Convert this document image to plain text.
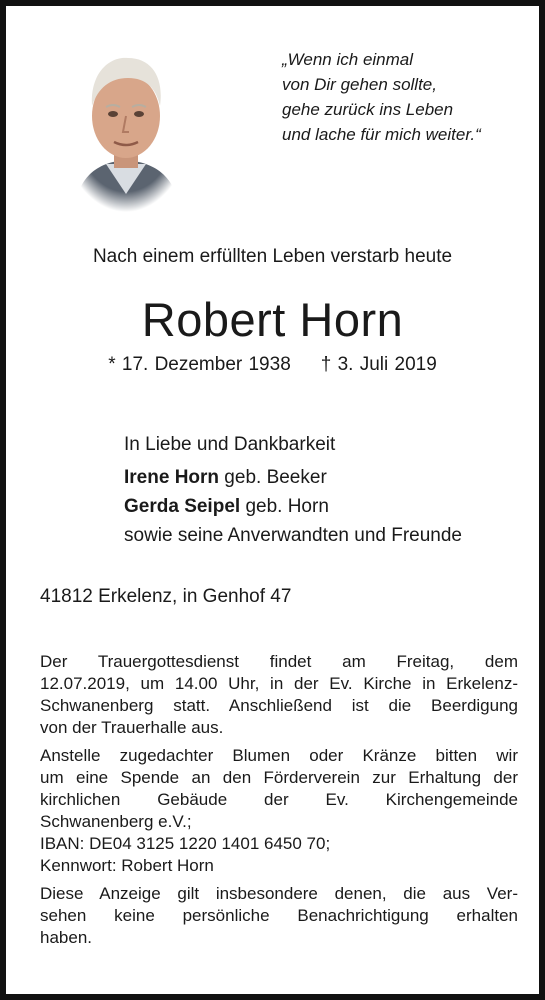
„Wenn ich einmal
von Dir gehen sollte,
gehe zurück ins Leben
und lache für mich weiter.“
Nach einem erfüllten Leben verstarb heute
Robert Horn
* 17. Dezember 1938 † 3. Juli 2019
In Liebe und Dankbarkeit
Irene Horn geb. Beeker
Gerda Seipel geb. Horn
sowie seine Anverwandten und Freunde
41812 Erkelenz, in Genhof 47

Der Trauergottesdienst findet am Freitag, dem
12.07.2019, um 14.00 Uhr, in der Ev. Kirche in Erkelenz-
Schwanenberg statt. Anschließend ist die Beerdigung
von der Trauerhalle aus.

Anstelle zugedachter Blumen oder Kränze bitten wir
um eine Spende an den Förderverein zur Erhaltung der
kirchlichen Gebäude der Ev. Kirchengemeinde
Schwanenberg e.V.;
IBAN: DE04 3125 1220 1401 6450 70;
Kennwort: Robert Horn

Diese Anzeige gilt insbesondere denen, die aus Ver-
sehen keine persönliche Benachrichtigung erhalten
haben.
